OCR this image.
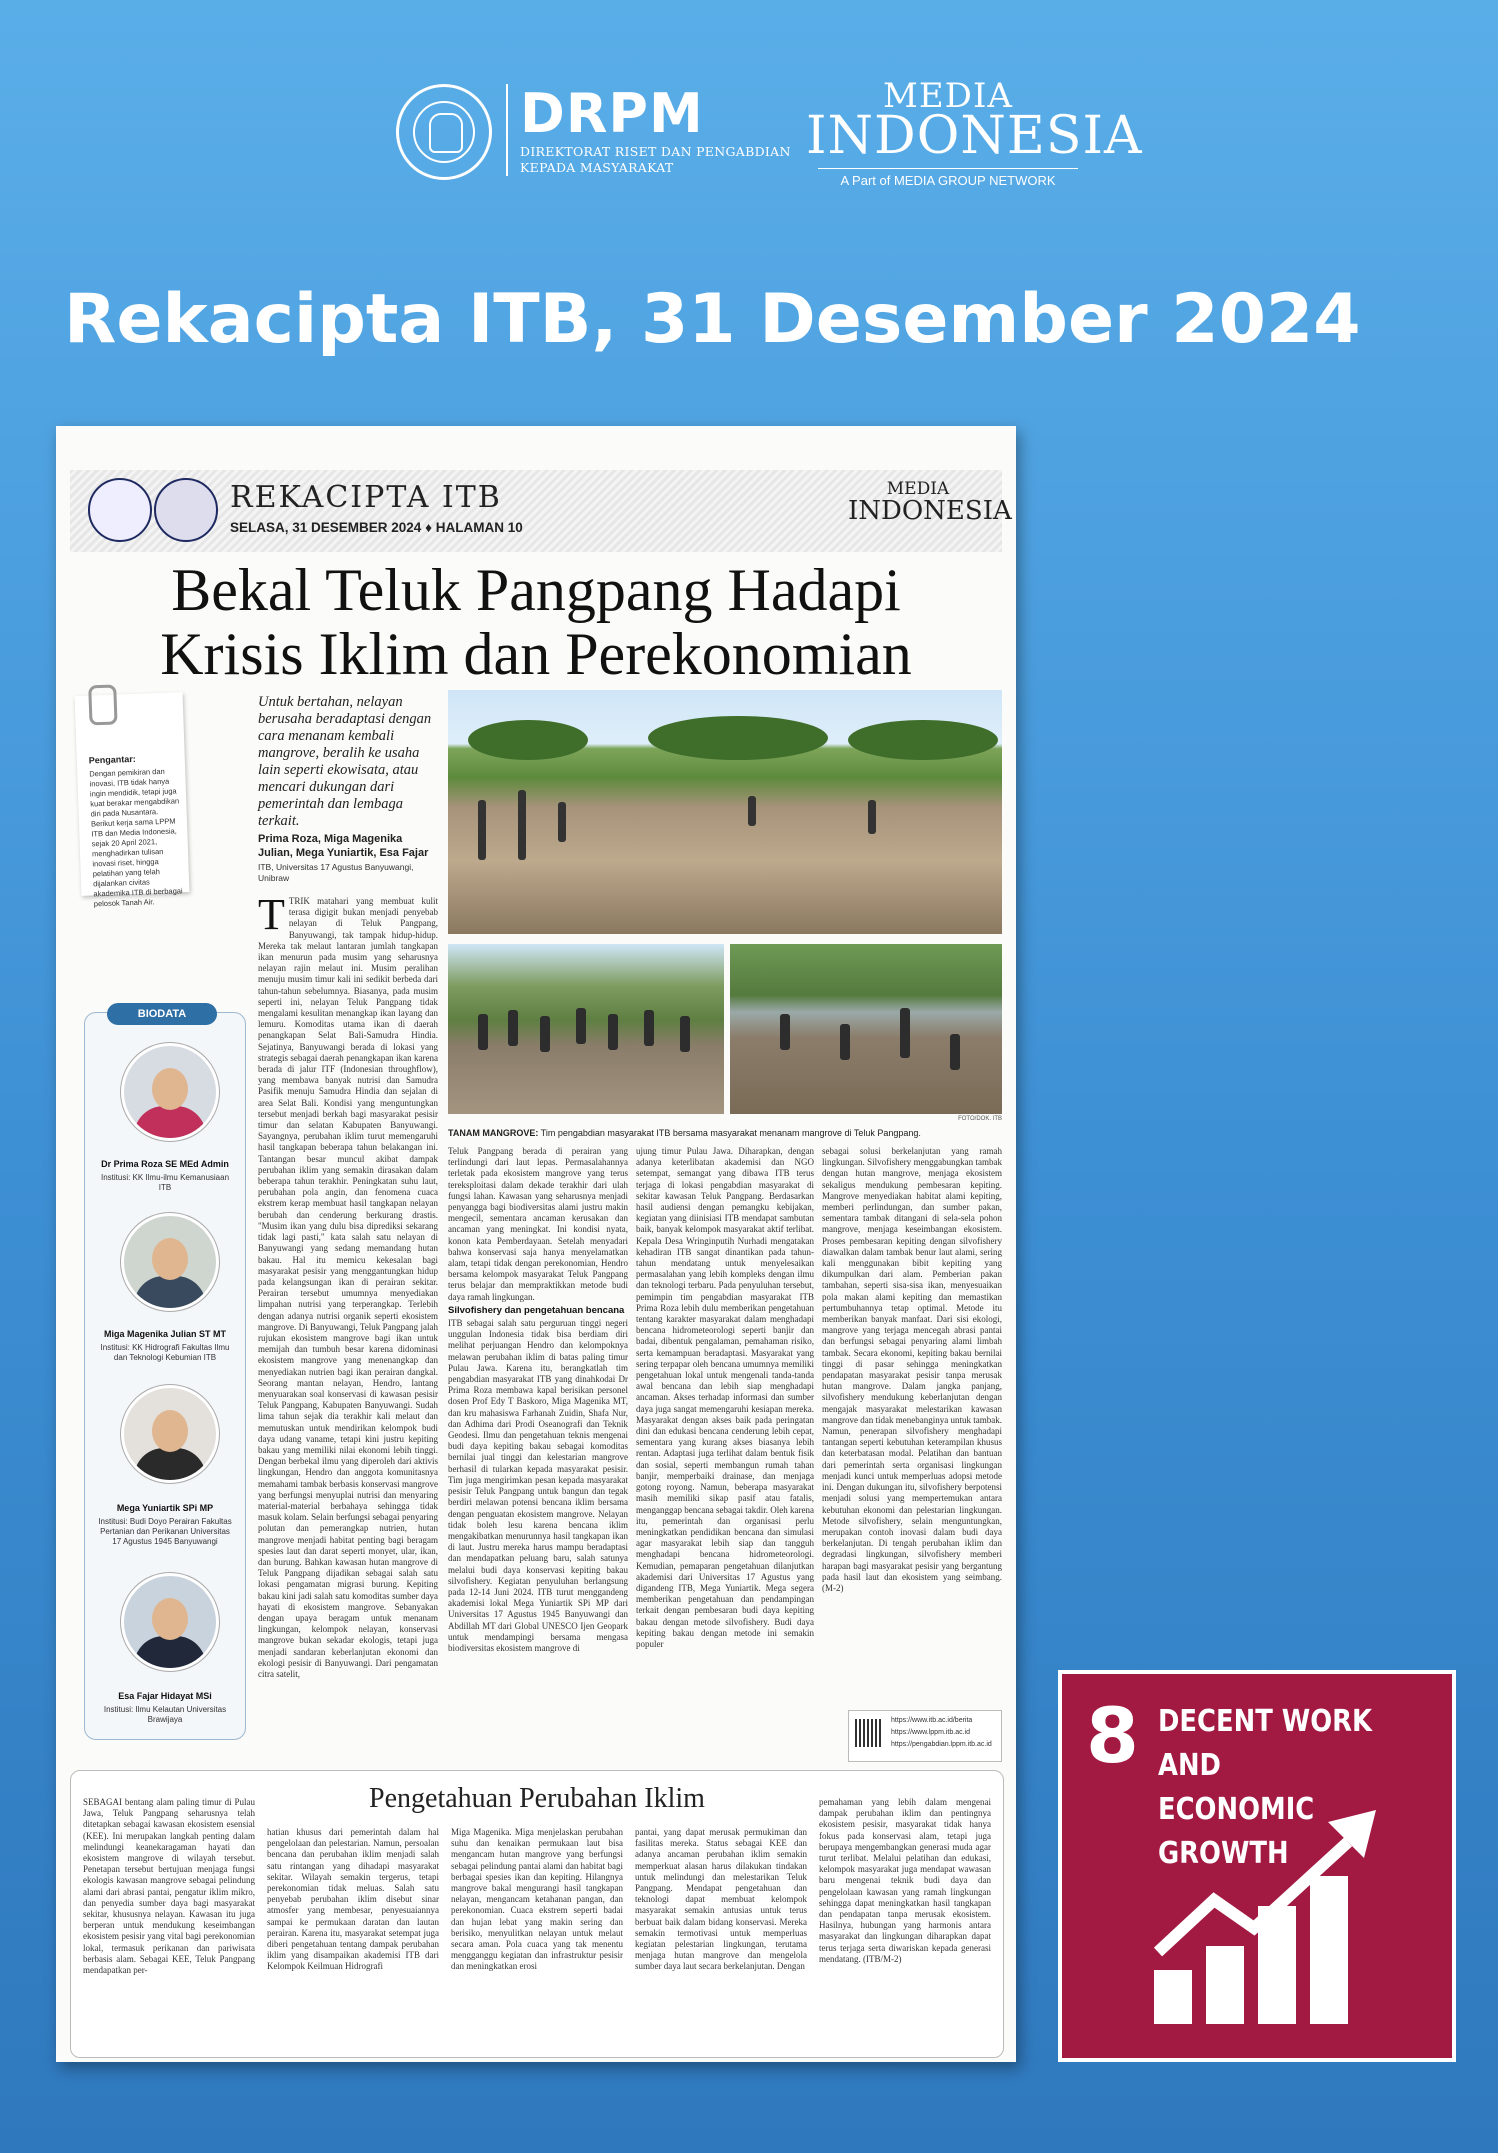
DRPM
DIREKTORAT RISET DAN PENGABDIAN
KEPADA MASYARAKAT
MEDIA
INDONESIA
A Part of MEDIA GROUP NETWORK
Rekacipta ITB, 31 Desember 2024
REKACIPTA ITB
SELASA, 31 DESEMBER 2024 ♦ HALAMAN 10
MEDIA
INDONESIA
Bekal Teluk Pangpang Hadapi
Krisis Iklim dan Perekonomian
Pengantar:
Dengan pemikiran dan inovasi, ITB tidak hanya ingin mendidik, tetapi juga kuat berakar mengabdikan diri pada Nusantara. Berikut kerja sama LPPM ITB dan Media Indonesia, sejak 20 April 2021, menghadirkan tulisan inovasi riset, hingga pelatihan yang telah dijalankan civitas akademika ITB di berbagai pelosok Tanah Air.
Untuk bertahan, nelayan berusaha beradaptasi dengan cara menanam kembali mangrove, beralih ke usaha lain seperti ekowisata, atau mencari dukungan dari pemerintah dan lembaga terkait.
Prima Roza, Miga Magenika Julian, Mega Yuniartik, Esa Fajar
ITB, Universitas 17 Agustus Banyuwangi, Unibraw
FOTO/DOK. ITB
TANAM MANGROVE: Tim pengabdian masyarakat ITB bersama masyarakat menanam mangrove di Teluk Pangpang.
BIODATA
Dr Prima Roza SE MEd Admin
Institusi: KK Ilmu-ilmu Kemanusiaan ITB
Miga Magenika Julian ST MT
Institusi: KK Hidrografi Fakultas Ilmu dan Teknologi Kebumian ITB
Mega Yuniartik SPi MP
Institusi: Budi Doyo Perairan Fakultas Pertanian dan Perikanan Universitas 17 Agustus 1945 Banyuwangi
Esa Fajar Hidayat MSi
Institusi: Ilmu Kelautan Universitas Brawijaya
TTRIK matahari yang membuat kulit terasa digigit bukan menjadi penyebab nelayan di Teluk Pangpang, Banyuwangi, tak tampak hidup-hidup. Mereka tak melaut lantaran jumlah tangkapan ikan menurun pada musim yang seharusnya nelayan rajin melaut ini. Musim peralihan menuju musim timur kali ini sedikit berbeda dari tahun-tahun sebelumnya. Biasanya, pada musim seperti ini, nelayan Teluk Pangpang tidak mengalami kesulitan menangkap ikan layang dan lemuru. Komoditas utama ikan di daerah penangkapan Selat Bali-Samudra Hindia. Sejatinya, Banyuwangi berada di lokasi yang strategis sebagai daerah penangkapan ikan karena berada di jalur ITF (Indonesian throughflow), yang membawa banyak nutrisi dan Samudra Pasifik menuju Samudra Hindia dan sejalan di area Selat Bali. Kondisi yang menguntungkan tersebut menjadi berkah bagi masyarakat pesisir timur dan selatan Kabupaten Banyuwangi. Sayangnya, perubahan iklim turut memengaruhi hasil tangkapan beberapa tahun belakangan ini. Tantangan besar muncul akibat dampak perubahan iklim yang semakin dirasakan dalam beberapa tahun terakhir. Peningkatan suhu laut, perubahan pola angin, dan fenomena cuaca ekstrem kerap membuat hasil tangkapan nelayan berubah dan cenderung berkurang drastis. "Musim ikan yang dulu bisa diprediksi sekarang tidak lagi pasti," kata salah satu nelayan di Banyuwangi yang sedang memandang hutan bakau. Hal itu memicu kekesalan bagi masyarakat pesisir yang menggantungkan hidup pada kelangsungan ikan di perairan sekitar. Perairan tersebut umumnya menyediakan limpahan nutrisi yang terperangkap. Terlebih dengan adanya nutrisi organik seperti ekosistem mangrove. Di Banyuwangi, Teluk Pangpang jalah rujukan ekosistem mangrove bagi ikan untuk memijah dan tumbuh besar karena didominasi ekosistem mangrove yang menenangkap dan menyediakan nutrien bagi ikan perairan dangkal. Seorang mantan nelayan, Hendro, lantang menyuarakan soal konservasi di kawasan pesisir Teluk Pangpang, Kabupaten Banyuwangi. Sudah lima tahun sejak dia terakhir kali melaut dan memutuskan untuk mendirikan kelompok budi daya udang vaname, tetapi kini justru kepiting bakau yang memiliki nilai ekonomi lebih tinggi. Dengan berbekal ilmu yang diperoleh dari aktivis lingkungan, Hendro dan anggota komunitasnya memahami tambak berbasis konservasi mangrove yang berfungsi menyuplai nutrisi dan menyaring material-material berbahaya sehingga tidak masuk kolam. Selain berfungsi sebagai penyaring polutan dan pemerangkap nutrien, hutan mangrove menjadi habitat penting bagi beragam spesies laut dan darat seperti monyet, ular, ikan, dan burung. Bahkan kawasan hutan mangrove di Teluk Pangpang dijadikan sebagai salah satu lokasi pengamatan migrasi burung. Kepiting bakau kini jadi salah satu komoditas sumber daya hayati di ekosistem mangrove. Sebanyakan dengan upaya beragam untuk menanam lingkungan, kelompok nelayan, konservasi mangrove bukan sekadar ekologis, tetapi juga menjadi sandaran keberlanjutan ekonomi dan ekologi pesisir di Banyuwangi. Dari pengamatan citra satelit,
Teluk Pangpang berada di perairan yang terlindungi dari laut lepas. Permasalahannya terletak pada ekosistem mangrove yang terus tereksploitasi dalam dekade terakhir dari ulah fungsi lahan. Kawasan yang seharusnya menjadi penyangga bagi biodiversitas alami justru makin mengecil, sementara ancaman kerusakan dan ancaman yang meningkat. Ini kondisi nyata, konon kata Pemberdayaan. Setelah menyadari bahwa konservasi saja hanya menyelamatkan alam, tetapi tidak dengan perekonomian, Hendro bersama kelompok masyarakat Teluk Pangpang terus belajar dan mempraktikkan metode budi daya ramah lingkungan.
Silvofishery dan pengetahuan bencana
ITB sebagai salah satu perguruan tinggi negeri unggulan Indonesia tidak bisa berdiam diri melihat perjuangan Hendro dan kelompoknya melawan perubahan iklim di batas paling timur Pulau Jawa. Karena itu, berangkatlah tim pengabdian masyarakat ITB yang dinahkodai Dr Prima Roza membawa kapal berisikan personel dosen Prof Edy T Baskoro, Miga Magenika MT, dan kru mahasiswa Farhanah Zuidin, Shafa Nur, dan Adhima dari Prodi Oseanografi dan Teknik Geodesi. Ilmu dan pengetahuan teknis mengenai budi daya kepiting bakau sebagai komoditas bernilai jual tinggi dan kelestarian mangrove berhasil di tularkan kepada masyarakat pesisir. Tim juga mengirimkan pesan kepada masyarakat pesisir Teluk Pangpang untuk bangun dan tegak berdiri melawan potensi bencana iklim bersama dengan penguatan ekosistem mangrove. Nelayan tidak boleh lesu karena bencana iklim mengakibatkan menurunnya hasil tangkapan ikan di laut. Justru mereka harus mampu beradaptasi dan mendapatkan peluang baru, salah satunya melalui budi daya konservasi kepiting bakau silvofishery. Kegiatan penyuluhan berlangsung pada 12-14 Juni 2024. ITB turut menggandeng akademisi lokal Mega Yuniartik SPi MP dari Universitas 17 Agustus 1945 Banyuwangi dan Abdillah MT dari Global UNESCO Ijen Geopark untuk mendampingi bersama mengasa biodiversitas ekosistem mangrove di
ujung timur Pulau Jawa. Diharapkan, dengan adanya keterlibatan akademisi dan NGO setempat, semangat yang dibawa ITB terus terjaga di lokasi pengabdian masyarakat di sekitar kawasan Teluk Pangpang. Berdasarkan hasil audiensi dengan pemangku kebijakan, kegiatan yang diinisiasi ITB mendapat sambutan baik, banyak kelompok masyarakat aktif terlibat. Kepala Desa Wringinputih Nurhadi mengatakan kehadiran ITB sangat dinantikan pada tahun-tahun mendatang untuk menyelesaikan permasalahan yang lebih kompleks dengan ilmu dan teknologi terbaru. Pada penyuluhan tersebut, pemimpin tim pengabdian masyarakat ITB Prima Roza lebih dulu memberikan pengetahuan tentang karakter masyarakat dalam menghadapi bencana hidrometeorologi seperti banjir dan badai, dibentuk pengalaman, pemahaman risiko, serta kemampuan beradaptasi. Masyarakat yang sering terpapar oleh bencana umumnya memiliki pengetahuan lokal untuk mengenali tanda-tanda awal bencana dan lebih siap menghadapi ancaman. Akses terhadap informasi dan sumber daya juga sangat memengaruhi kesiapan mereka. Masyarakat dengan akses baik pada peringatan dini dan edukasi bencana cenderung lebih cepat, sementara yang kurang akses biasanya lebih rentan. Adaptasi juga terlihat dalam bentuk fisik dan sosial, seperti membangun rumah tahan banjir, memperbaiki drainase, dan menjaga gotong royong. Namun, beberapa masyarakat masih memiliki sikap pasif atau fatalis, menganggap bencana sebagai takdir. Oleh karena itu, pemerintah dan organisasi perlu meningkatkan pendidikan bencana dan simulasi agar masyarakat lebih siap dan tangguh menghadapi bencana hidrometeorologi. Kemudian, pemaparan pengetahuan dilanjutkan akademisi dari Universitas 17 Agustus yang digandeng ITB, Mega Yuniartik. Mega segera memberikan pengetahuan dan pendampingan terkait dengan pembesaran budi daya kepiting bakau dengan metode silvofishery. Budi daya kepiting bakau dengan metode ini semakin populer
sebagai solusi berkelanjutan yang ramah lingkungan. Silvofishery menggabungkan tambak dengan hutan mangrove, menjaga ekosistem sekaligus mendukung pembesaran kepiting. Mangrove menyediakan habitat alami kepiting, memberi perlindungan, dan sumber pakan, sementara tambak ditangani di sela-sela pohon mangrove, menjaga keseimbangan ekosistem. Proses pembesaran kepiting dengan silvofishery diawalkan dalam tambak benur laut alami, sering kali menggunakan bibit kepiting yang dikumpulkan dari alam. Pemberian pakan tambahan, seperti sisa-sisa ikan, menyesuaikan pola makan alami kepiting dan memastikan pertumbuhannya tetap optimal. Metode itu memberikan banyak manfaat. Dari sisi ekologi, mangrove yang terjaga mencegah abrasi pantai dan berfungsi sebagai penyaring alami limbah tambak. Secara ekonomi, kepiting bakau bernilai tinggi di pasar sehingga meningkatkan pendapatan masyarakat pesisir tanpa merusak hutan mangrove. Dalam jangka panjang, silvofishery mendukung keberlanjutan dengan mengajak masyarakat melestarikan kawasan mangrove dan tidak menebanginya untuk tambak. Namun, penerapan silvofishery menghadapi tantangan seperti kebutuhan keterampilan khusus dan keterbatasan modal. Pelatihan dan bantuan dari pemerintah serta organisasi lingkungan menjadi kunci untuk memperluas adopsi metode ini. Dengan dukungan itu, silvofishery berpotensi menjadi solusi yang mempertemukan antara kebutuhan ekonomi dan pelestarian lingkungan. Metode silvofishery, selain menguntungkan, merupakan contoh inovasi dalam budi daya berkelanjutan. Di tengah perubahan iklim dan degradasi lingkungan, silvofishery memberi harapan bagi masyarakat pesisir yang bergantung pada hasil laut dan ekosistem yang seimbang. (M-2)
https://www.itb.ac.id/berita
https://www.lppm.itb.ac.id
https://pengabdian.lppm.itb.ac.id
Pengetahuan Perubahan Iklim
SEBAGAI bentang alam paling timur di Pulau Jawa, Teluk Pangpang seharusnya telah ditetapkan sebagai kawasan ekosistem esensial (KEE). Ini merupakan langkah penting dalam melindungi keanekaragaman hayati dan ekosistem mangrove di wilayah tersebut. Penetapan tersebut bertujuan menjaga fungsi ekologis kawasan mangrove sebagai pelindung alami dari abrasi pantai, pengatur iklim mikro, dan penyedia sumber daya bagi masyarakat sekitar, khususnya nelayan. Kawasan itu juga berperan untuk mendukung keseimbangan ekosistem pesisir yang vital bagi perekonomian lokal, termasuk perikanan dan pariwisata berbasis alam. Sebagai KEE, Teluk Pangpang mendapatkan per-
hatian khusus dari pemerintah dalam hal pengelolaan dan pelestarian. Namun, persoalan bencana dan perubahan iklim menjadi salah satu rintangan yang dihadapi masyarakat sekitar. Wilayah semakin tergerus, tetapi perekonomian tidak meluas. Salah satu penyebab perubahan iklim disebut sinar atmosfer yang membesar, penyesuaiannya sampai ke permukaan daratan dan lautan perairan. Karena itu, masyarakat setempat juga diberi pengetahuan tentang dampak perubahan iklim yang disampaikan akademisi ITB dari Kelompok Keilmuan Hidrografi
Miga Magenika. Miga menjelaskan perubahan suhu dan kenaikan permukaan laut bisa mengancam hutan mangrove yang berfungsi sebagai pelindung pantai alami dan habitat bagi berbagai spesies ikan dan kepiting. Hilangnya mangrove bakal mengurangi hasil tangkapan nelayan, mengancam ketahanan pangan, dan perekonomian. Cuaca ekstrem seperti badai dan hujan lebat yang makin sering dan berisiko, menyulitkan nelayan untuk melaut secara aman. Pola cuaca yang tak menentu mengganggu kegiatan dan infrastruktur pesisir dan meningkatkan erosi
pantai, yang dapat merusak permukiman dan fasilitas mereka. Status sebagai KEE dan adanya ancaman perubahan iklim semakin memperkuat alasan harus dilakukan tindakan untuk melindungi dan melestarikan Teluk Pangpang. Mendapat pengetahuan dan teknologi dapat membuat kelompok masyarakat semakin antusias untuk terus berbuat baik dalam bidang konservasi. Mereka semakin termotivasi untuk memperluas kegiatan pelestarian lingkungan, terutama menjaga hutan mangrove dan mengelola sumber daya laut secara berkelanjutan. Dengan
pemahaman yang lebih dalam mengenai dampak perubahan iklim dan pentingnya ekosistem pesisir, masyarakat tidak hanya fokus pada konservasi alam, tetapi juga berupaya mengembangkan generasi muda agar turut terlibat. Melalui pelatihan dan edukasi, kelompok masyarakat juga mendapat wawasan baru mengenai teknik budi daya dan pengelolaan kawasan yang ramah lingkungan sehingga dapat meningkatkan hasil tangkapan dan pendapatan tanpa merusak ekosistem. Hasilnya, hubungan yang harmonis antara masyarakat dan lingkungan diharapkan dapat terus terjaga serta diwariskan kepada generasi mendatang. (ITB/M-2)
8 DECENT WORK AND
ECONOMIC GROWTH
